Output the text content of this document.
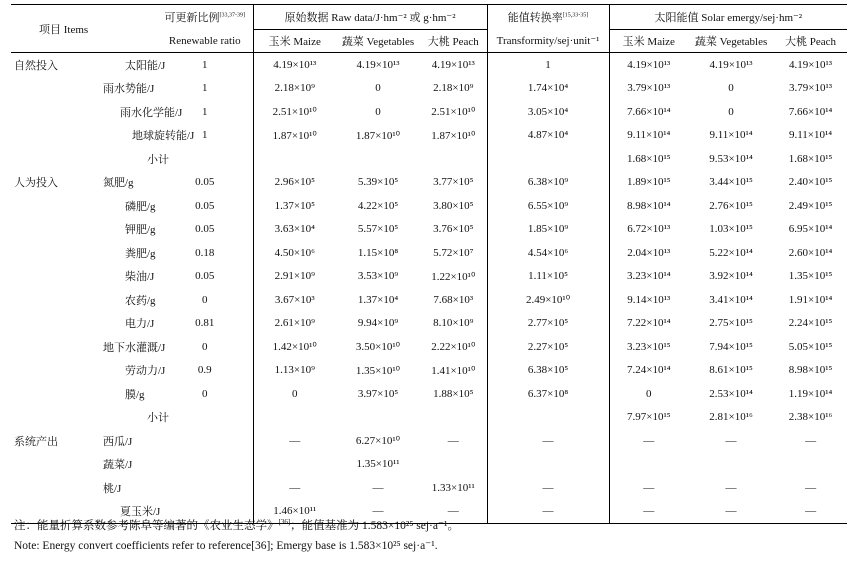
项目 Items		可更新比例[33,37-39]	原始数据 Raw data/J·hm⁻² 或 g·hm⁻²			能值转换率[15,33-35]	太阳能值 Solar emergy/sej·hm⁻²		
		Renewable ratio	玉米 Maize	蔬菜 Vegetables	大桃 Peach	Transformity/sej·unit⁻¹	玉米 Maize	蔬菜 Vegetables	大桃 Peach
自然投入	太阳能/J	1	4.19×10¹³	4.19×10¹³	4.19×10¹³	1	4.19×10¹³	4.19×10¹³	4.19×10¹³
	雨水势能/J	1	2.18×10⁹	0	2.18×10⁹	1.74×10⁴	3.79×10¹³	0	3.79×10¹³
	雨水化学能/J	1	2.51×10¹⁰	0	2.51×10¹⁰	3.05×10⁴	7.66×10¹⁴	0	7.66×10¹⁴
	地球旋转能/J	1	1.87×10¹⁰	1.87×10¹⁰	1.87×10¹⁰	4.87×10⁴	9.11×10¹⁴	9.11×10¹⁴	9.11×10¹⁴
	小计						1.68×10¹⁵	9.53×10¹⁴	1.68×10¹⁵
人为投入	氮肥/g	0.05	2.96×10⁵	5.39×10⁵	3.77×10⁵	6.38×10⁹	1.89×10¹⁵	3.44×10¹⁵	2.40×10¹⁵
	磷肥/g	0.05	1.37×10⁵	4.22×10⁵	3.80×10⁵	6.55×10⁹	8.98×10¹⁴	2.76×10¹⁵	2.49×10¹⁵
	钾肥/g	0.05	3.63×10⁴	5.57×10⁵	3.76×10⁵	1.85×10⁹	6.72×10¹³	1.03×10¹⁵	6.95×10¹⁴
	粪肥/g	0.18	4.50×10⁶	1.15×10⁸	5.72×10⁷	4.54×10⁶	2.04×10¹³	5.22×10¹⁴	2.60×10¹⁴
	柴油/J	0.05	2.91×10⁹	3.53×10⁹	1.22×10¹⁰	1.11×10⁵	3.23×10¹⁴	3.92×10¹⁴	1.35×10¹⁵
	农药/g	0	3.67×10³	1.37×10⁴	7.68×10³	2.49×10¹⁰	9.14×10¹³	3.41×10¹⁴	1.91×10¹⁴
	电力/J	0.81	2.61×10⁹	9.94×10⁹	8.10×10⁹	2.77×10⁵	7.22×10¹⁴	2.75×10¹⁵	2.24×10¹⁵
	地下水灌溉/J	0	1.42×10¹⁰	3.50×10¹⁰	2.22×10¹⁰	2.27×10⁵	3.23×10¹⁵	7.94×10¹⁵	5.05×10¹⁵
	劳动力/J	0.9	1.13×10⁹	1.35×10¹⁰	1.41×10¹⁰	6.38×10⁵	7.24×10¹⁴	8.61×10¹⁵	8.98×10¹⁵
	膜/g	0	0	3.97×10⁵	1.88×10⁵	6.37×10⁸	0	2.53×10¹⁴	1.19×10¹⁴
	小计						7.97×10¹⁵	2.81×10¹⁶	2.38×10¹⁶
系统产出	西瓜/J		—	6.27×10¹⁰	—	—	—	—	—
	蔬菜/J			1.35×10¹¹					
	桃/J		—	—	1.33×10¹¹	—	—	—	—
	夏玉米/J		1.46×10¹¹	—	—	—	—	—	—
注：能量折算系数参考陈阜等编著的《农业生态学》[36]；能值基准为 1.583×10²⁵ sej·a⁻¹。
Note: Energy convert coefficients refer to reference[36]; Emergy base is 1.583×10²⁵ sej·a⁻¹.
